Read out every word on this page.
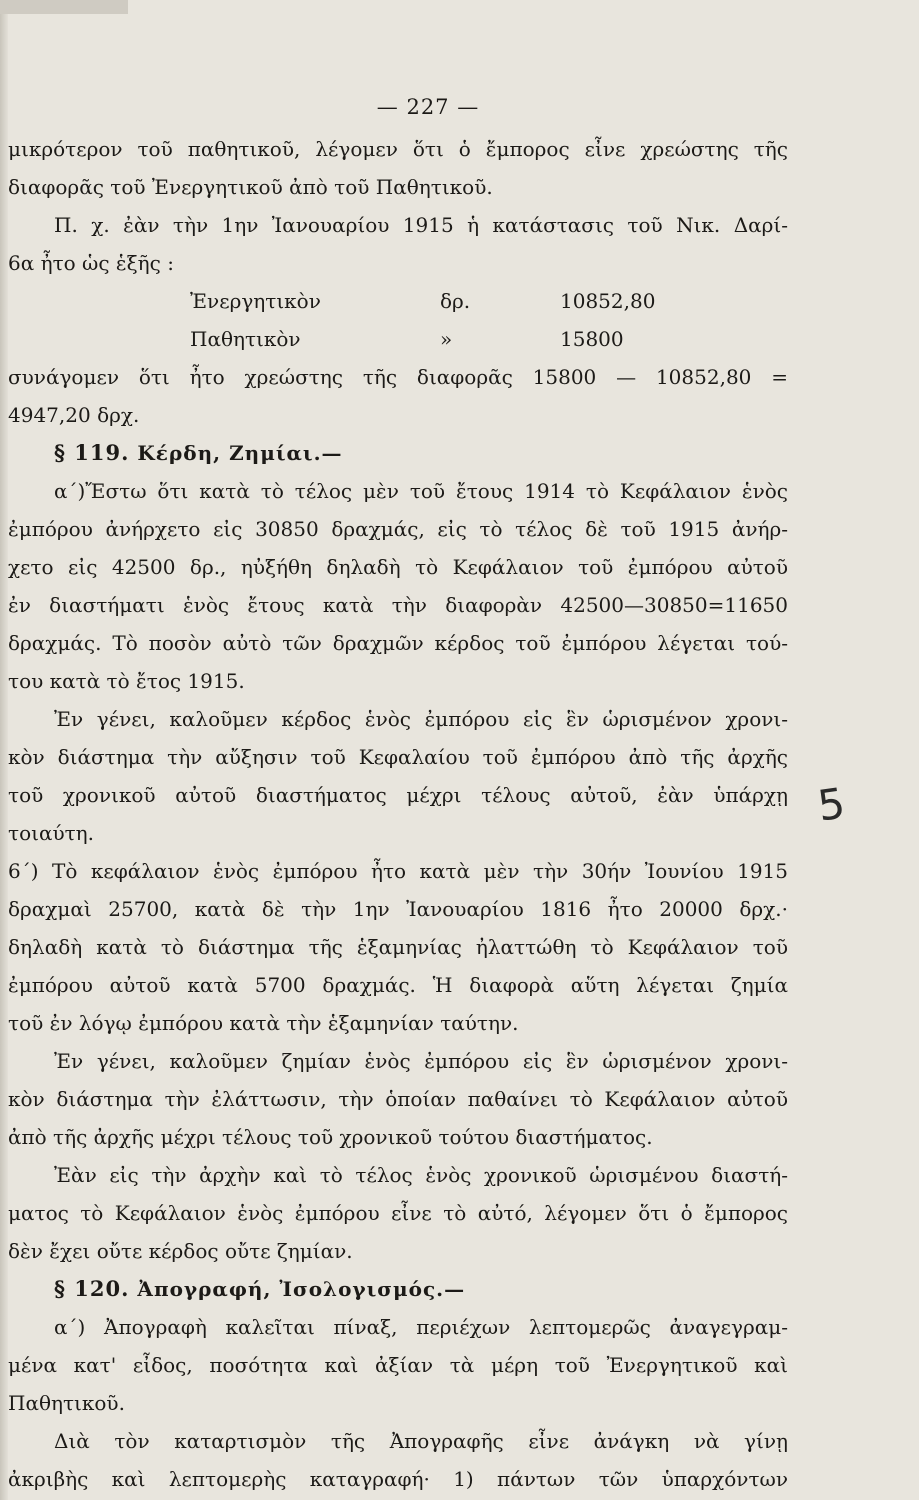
— 227 —
μικρότερον τοῦ παθητικοῦ, λέγομεν ὅτι ὁ ἔμπορος εἶνε χρεώστης τῆς
διαφορᾶς τοῦ Ἐνεργητικοῦ ἀπὸ τοῦ Παθητικοῦ.
Π. χ. ἐὰν τὴν 1ην Ἰανουαρίου 1915 ἡ κατάστασις τοῦ Νικ. Δαρί-
6α ἦτο ὡς ἑξῆς :
Ἐνεργητικὸν	δρ.	10852,80
Παθητικὸν	»	15800
συνάγομεν ὅτι ἦτο χρεώστης τῆς διαφορᾶς 15800 — 10852,80 =
4947,20 δρχ.
§ 119. Κέρδη, Ζημίαι.—
α΄)Ἔστω ὅτι κατὰ τὸ τέλος μὲν τοῦ ἔτους 1914 τὸ Κεφάλαιον ἑνὸς
ἐμπόρου ἀνήρχετο εἰς 30850 δραχμάς, εἰς τὸ τέλος δὲ τοῦ 1915 ἀνήρ-
χετο εἰς 42500 δρ., ηὐξήθη δηλαδὴ τὸ Κεφάλαιον τοῦ ἐμπόρου αὐτοῦ
ἐν διαστήματι ἑνὸς ἔτους κατὰ τὴν διαφορὰν 42500—30850=11650
δραχμάς. Τὸ ποσὸν αὐτὸ τῶν δραχμῶν κέρδος τοῦ ἐμπόρου λέγεται τού-
του κατὰ τὸ ἔτος 1915.
Ἐν γένει, καλοῦμεν κέρδος ἑνὸς ἐμπόρου εἰς ἓν ὡρισμένον χρονι-
κὸν διάστημα τὴν αὔξησιν τοῦ Κεφαλαίου τοῦ ἐμπόρου ἀπὸ τῆς ἀρχῆς
τοῦ χρονικοῦ αὐτοῦ διαστήματος μέχρι τέλους αὐτοῦ, ἐὰν ὑπάρχῃ
τοιαύτη.
6΄) Τὸ κεφάλαιον ἑνὸς ἐμπόρου ἦτο κατὰ μὲν τὴν 30ήν Ἰουνίου 1915
δραχμαὶ 25700, κατὰ δὲ τὴν 1ην Ἰανουαρίου 1816 ἦτο 20000 δρχ.·
δηλαδὴ κατὰ τὸ διάστημα τῆς ἑξαμηνίας ἠλαττώθη τὸ Κεφάλαιον τοῦ
ἐμπόρου αὐτοῦ κατὰ 5700 δραχμάς. Ἡ διαφορὰ αὕτη λέγεται ζημία
τοῦ ἐν λόγῳ ἐμπόρου κατὰ τὴν ἑξαμηνίαν ταύτην.
Ἐν γένει, καλοῦμεν ζημίαν ἑνὸς ἐμπόρου εἰς ἓν ὡρισμένον χρονι-
κὸν διάστημα τὴν ἐλάττωσιν, τὴν ὁποίαν παθαίνει τὸ Κεφάλαιον αὐτοῦ
ἀπὸ τῆς ἀρχῆς μέχρι τέλους τοῦ χρονικοῦ τούτου διαστήματος.
Ἐὰν εἰς τὴν ἀρχὴν καὶ τὸ τέλος ἑνὸς χρονικοῦ ὡρισμένου διαστή-
ματος τὸ Κεφάλαιον ἑνὸς ἐμπόρου εἶνε τὸ αὐτό, λέγομεν ὅτι ὁ ἔμπορος
δὲν ἔχει οὔτε κέρδος οὔτε ζημίαν.
§ 120. Ἀπογραφή, Ἰσολογισμός.—
α΄) Ἀπογραφὴ καλεῖται πίναξ, περιέχων λεπτομερῶς ἀναγεγραμ-
μένα κατ' εἶδος, ποσότητα καὶ ἀξίαν τὰ μέρη τοῦ Ἐνεργητικοῦ καὶ
Παθητικοῦ.
Διὰ τὸν καταρτισμὸν τῆς Ἀπογραφῆς εἶνε ἀνάγκη νὰ γίνῃ
ἀκριβὴς καὶ λεπτομερὴς καταγραφή· 1) πάντων τῶν ὑπαρχόντων
5
